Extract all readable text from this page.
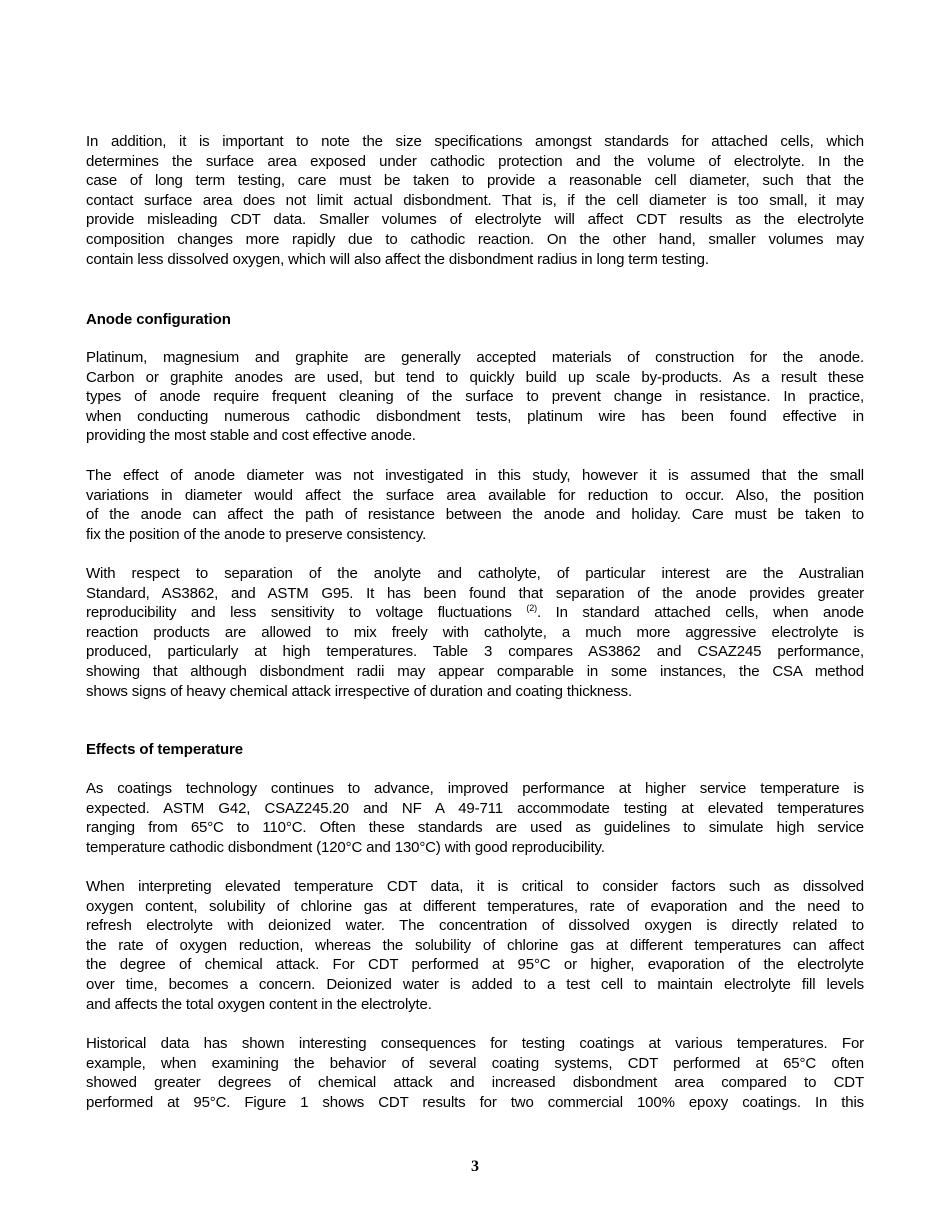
In addition, it is important to note the size specifications amongst standards for attached cells, which
determines the surface area exposed under cathodic protection and the volume of electrolyte. In the
case of long term testing, care must be taken to provide a reasonable cell diameter, such that the
contact surface area does not limit actual disbondment. That is, if the cell diameter is too small, it may
provide misleading CDT data. Smaller volumes of electrolyte will affect CDT results as the electrolyte
composition changes more rapidly due to cathodic reaction. On the other hand, smaller volumes may
contain less dissolved oxygen, which will also affect the disbondment radius in long term testing.
Anode configuration
Platinum, magnesium and graphite are generally accepted materials of construction for the anode.
Carbon or graphite anodes are used, but tend to quickly build up scale by-products. As a result these
types of anode require frequent cleaning of the surface to prevent change in resistance. In practice,
when conducting numerous cathodic disbondment tests, platinum wire has been found effective in
providing the most stable and cost effective anode.
The effect of anode diameter was not investigated in this study, however it is assumed that the small
variations in diameter would affect the surface area available for reduction to occur. Also, the position
of the anode can affect the path of resistance between the anode and holiday. Care must be taken to
fix the position of the anode to preserve consistency.
With respect to separation of the anolyte and catholyte, of particular interest are the Australian
Standard, AS3862, and ASTM G95. It has been found that separation of the anode provides greater
reproducibility and less sensitivity to voltage fluctuations $^{(2)}$. In standard attached cells, when anode
reaction products are allowed to mix freely with catholyte, a much more aggressive electrolyte is
produced, particularly at high temperatures. Table 3 compares AS3862 and CSAZ245 performance,
showing that although disbondment radii may appear comparable in some instances, the CSA method
shows signs of heavy chemical attack irrespective of duration and coating thickness.
Effects of temperature
As coatings technology continues to advance, improved performance at higher service temperature is
expected. ASTM G42, CSAZ245.20 and NF A 49-711 accommodate testing at elevated temperatures
ranging from 65°C to 110°C. Often these standards are used as guidelines to simulate high service
temperature cathodic disbondment (120°C and 130°C) with good reproducibility.
When interpreting elevated temperature CDT data, it is critical to consider factors such as dissolved
oxygen content, solubility of chlorine gas at different temperatures, rate of evaporation and the need to
refresh electrolyte with deionized water. The concentration of dissolved oxygen is directly related to
the rate of oxygen reduction, whereas the solubility of chlorine gas at different temperatures can affect
the degree of chemical attack. For CDT performed at 95°C or higher, evaporation of the electrolyte
over time, becomes a concern. Deionized water is added to a test cell to maintain electrolyte fill levels
and affects the total oxygen content in the electrolyte.
Historical data has shown interesting consequences for testing coatings at various temperatures. For
example, when examining the behavior of several coating systems, CDT performed at 65°C often
showed greater degrees of chemical attack and increased disbondment area compared to CDT
performed at 95°C. Figure 1 shows CDT results for two commercial 100% epoxy coatings. In this
3
